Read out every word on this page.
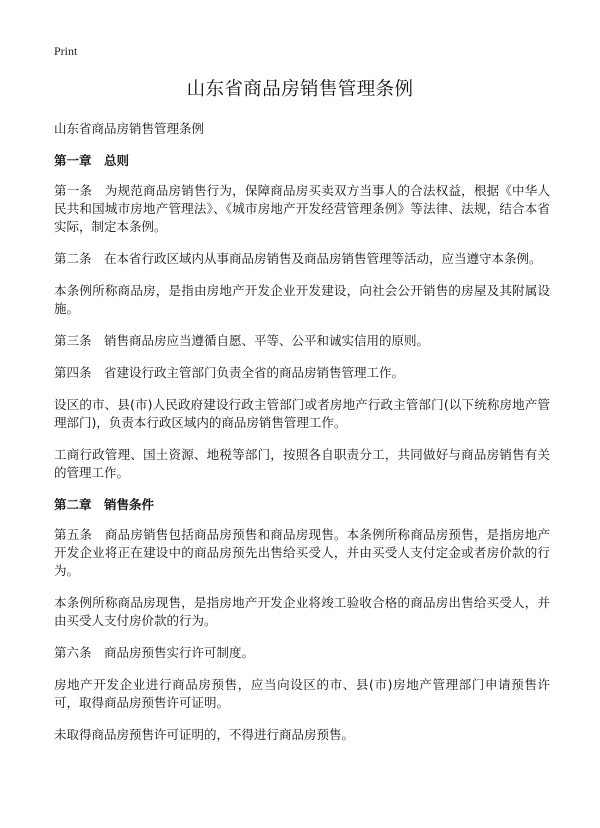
Print
山东省商品房销售管理条例
山东省商品房销售管理条例
第一章　总则

第一条　为规范商品房销售行为，保障商品房买卖双方当事人的合法权益，根据《中华人民共和国城市房地产管理法》、《城市房地产开发经营管理条例》等法律、法规，结合本省实际，制定本条例。

第二条　在本省行政区域内从事商品房销售及商品房销售管理等活动，应当遵守本条例。

本条例所称商品房，是指由房地产开发企业开发建设，向社会公开销售的房屋及其附属设施。

第三条　销售商品房应当遵循自愿、平等、公平和诚实信用的原则。

第四条　省建设行政主管部门负责全省的商品房销售管理工作。

设区的市、县(市)人民政府建设行政主管部门或者房地产行政主管部门(以下统称房地产管理部门)，负责本行政区域内的商品房销售管理工作。

工商行政管理、国土资源、地税等部门，按照各自职责分工，共同做好与商品房销售有关的管理工作。

第二章　销售条件

第五条　商品房销售包括商品房预售和商品房现售。本条例所称商品房预售，是指房地产开发企业将正在建设中的商品房预先出售给买受人，并由买受人支付定金或者房价款的行为。

本条例所称商品房现售，是指房地产开发企业将竣工验收合格的商品房出售给买受人，并由买受人支付房价款的行为。

第六条　商品房预售实行许可制度。

房地产开发企业进行商品房预售，应当向设区的市、县(市)房地产管理部门申请预售许可，取得商品房预售许可证明。

未取得商品房预售许可证明的，不得进行商品房预售。
